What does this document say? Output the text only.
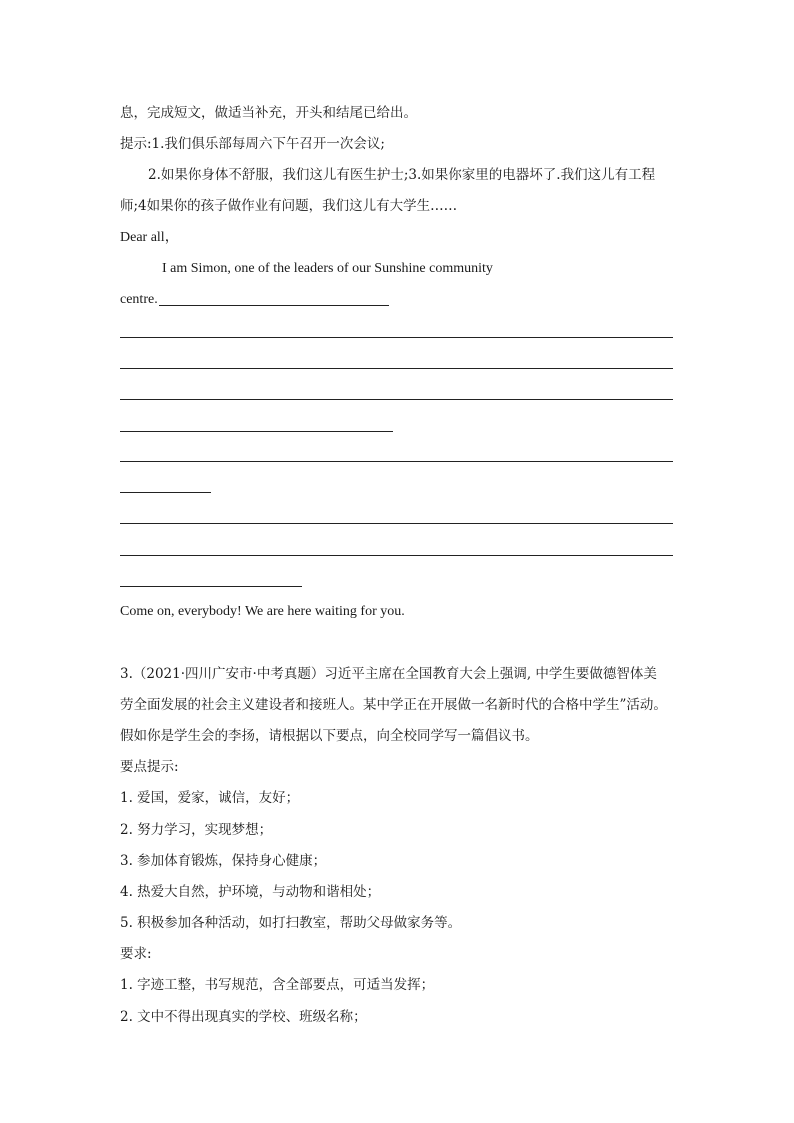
息，完成短文，做适当补充，开头和结尾已给出。
提示:1.我们俱乐部每周六下午召开一次会议;
2.如果你身体不舒服，我们这儿有医生护士;3.如果你家里的电器坏了.我们这儿有工程
师;4如果你的孩子做作业有问题，我们这儿有大学生……
Dear all，
I am Simon, one of the leaders of our Sunshine community
centre.
Come on, everybody! We are here waiting for you.
3.（2021·四川广安市·中考真题）习近平主席在全国教育大会上强调, 中学生要做德智体美
劳全面发展的社会主义建设者和接班人。某中学正在开展做一名新时代的合格中学生”活动。
假如你是学生会的李扬，请根据以下要点，向全校同学写一篇倡议书。
要点提示:
1. 爱国，爱家，诚信，友好；
2. 努力学习，实现梦想；
3. 参加体育锻炼，保持身心健康；
4. 热爱大自然，护环境，与动物和谐相处；
5. 积极参加各种活动，如打扫教室，帮助父母做家务等。
要求:
1. 字迹工整，书写规范，含全部要点，可适当发挥；
2. 文中不得出现真实的学校、班级名称；
